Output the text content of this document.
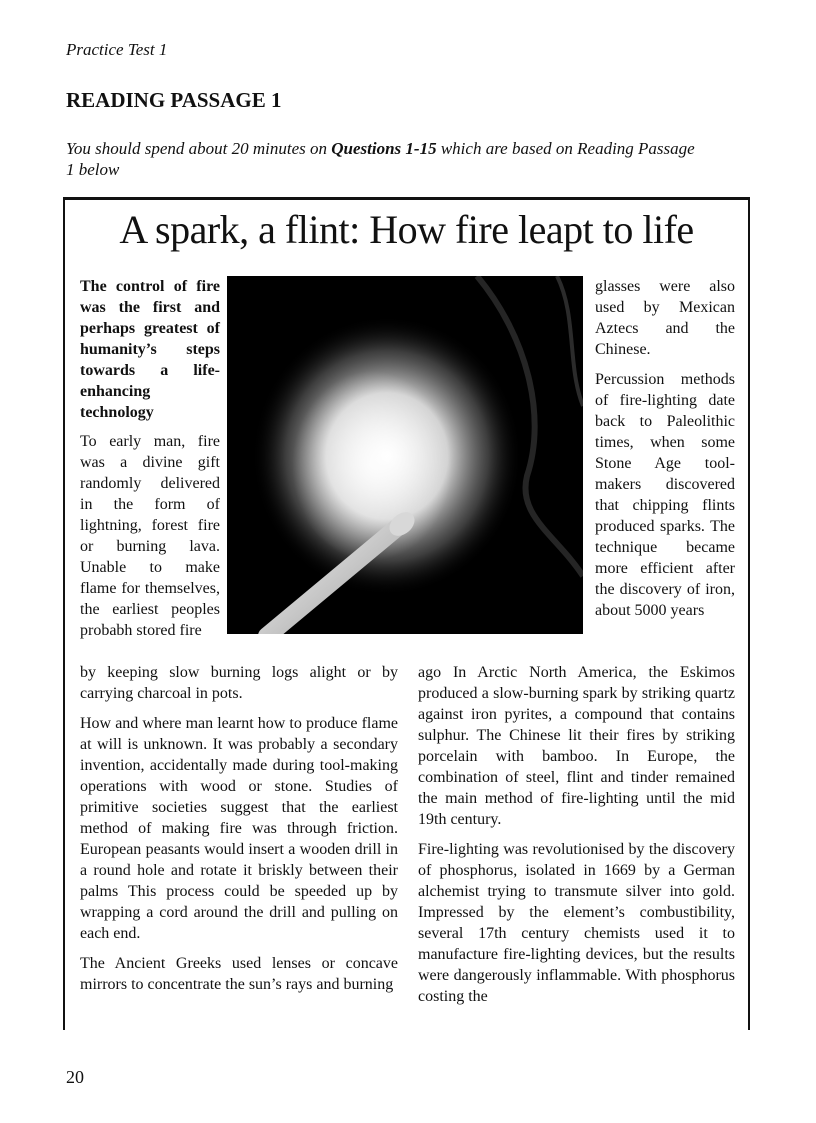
Practice Test 1
READING PASSAGE 1
You should spend about 20 minutes on Questions 1-15 which are based on Reading Passage 1 below
A spark, a flint: How fire leapt to life
The control of fire was the first and perhaps greatest of humanity’s steps towards a life-enhancing technology

To early man, fire was a divine gift randomly delivered in the form of lightning, forest fire or burning lava. Unable to make flame for themselves, the earliest peoples probabh stored fire

by keeping slow burning logs alight or by carrying charcoal in pots.

How and where man learnt how to produce flame at will is unknown. It was probably a secondary invention, accidentally made during tool-making operations with wood or stone. Studies of primitive societies suggest that the earliest method of making fire was through friction. European peasants would insert a wooden drill in a round hole and rotate it briskly between their palms This process could be speeded up by wrapping a cord around the drill and pulling on each end.

The Ancient Greeks used lenses or concave mirrors to concentrate the sun’s rays and burning

glasses were also used by Mexican Aztecs and the Chinese.

Percussion methods of fire-lighting date back to Paleolithic times, when some Stone Age tool-makers discovered that chipping flints produced sparks. The technique became more efficient after the discovery of iron, about 5000 years

ago In Arctic North America, the Eskimos produced a slow-burning spark by striking quartz against iron pyrites, a compound that contains sulphur. The Chinese lit their fires by striking porcelain with bamboo. In Europe, the combination of steel, flint and tinder remained the main method of fire-lighting until the mid 19th century.

Fire-lighting was revolutionised by the discovery of phosphorus, isolated in 1669 by a German alchemist trying to transmute silver into gold. Impressed by the element’s combustibility, several 17th century chemists used it to manufacture fire-lighting devices, but the results were dangerously inflammable. With phosphorus costing the

20
